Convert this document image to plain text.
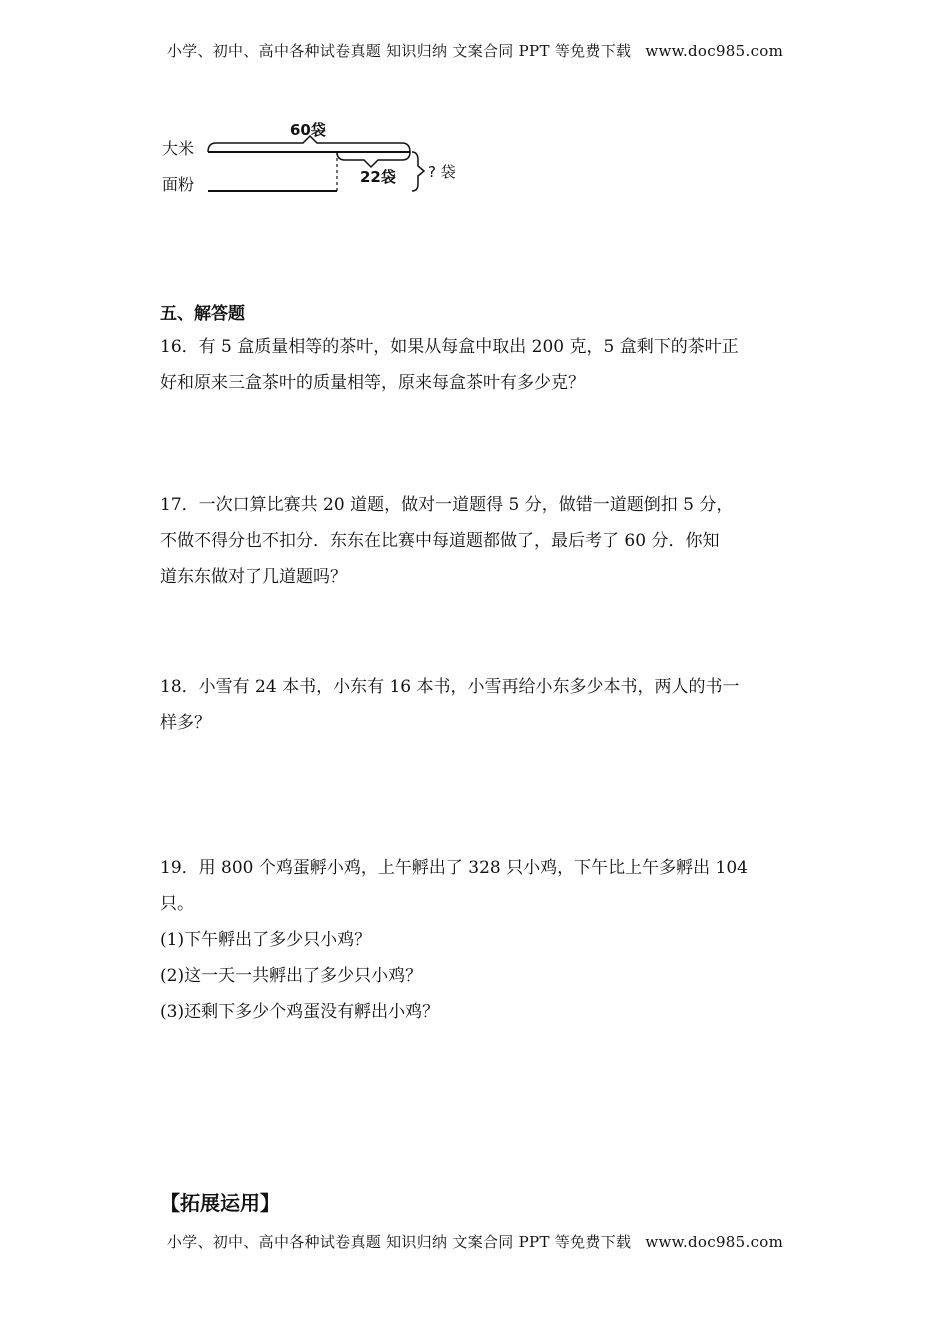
小学、初中、高中各种试卷真题 知识归纳 文案合同 PPT 等免费下载 www.doc985.com
大米
面粉
60袋
22袋 ? 袋
五、解答题

16．有 5 盒质量相等的茶叶，如果从每盒中取出 200 克，5 盒剩下的茶叶正

好和原来三盒茶叶的质量相等，原来每盒茶叶有多少克？

17．一次口算比赛共 20 道题，做对一道题得 5 分，做错一道题倒扣 5 分，

不做不得分也不扣分．东东在比赛中每道题都做了，最后考了 60 分．你知

道东东做对了几道题吗？

18．小雪有 24 本书，小东有 16 本书，小雪再给小东多少本书，两人的书一

样多？

19．用 800 个鸡蛋孵小鸡，上午孵出了 328 只小鸡，下午比上午多孵出 104

只。

(1)下午孵出了多少只小鸡？

(2)这一天一共孵出了多少只小鸡？

(3)还剩下多少个鸡蛋没有孵出小鸡？

【拓展运用】
小学、初中、高中各种试卷真题 知识归纳 文案合同 PPT 等免费下载 www.doc985.com
